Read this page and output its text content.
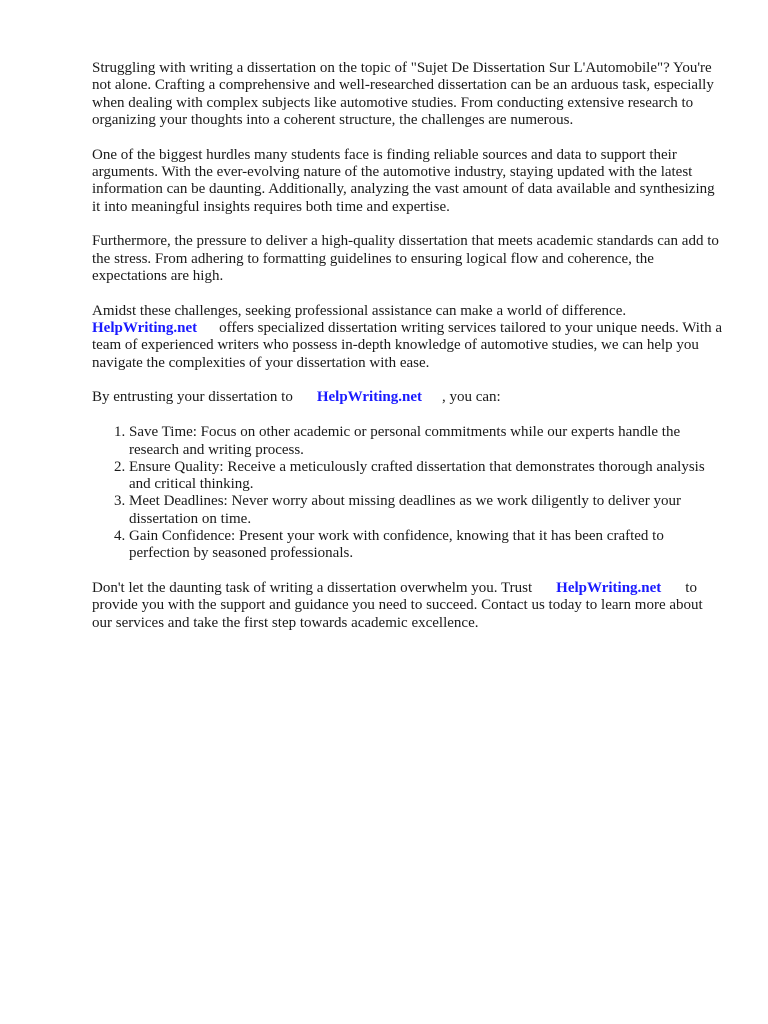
Struggling with writing a dissertation on the topic of "Sujet De Dissertation Sur L'Automobile"? You're not alone. Crafting a comprehensive and well-researched dissertation can be an arduous task, especially when dealing with complex subjects like automotive studies. From conducting extensive research to organizing your thoughts into a coherent structure, the challenges are numerous.

One of the biggest hurdles many students face is finding reliable sources and data to support their arguments. With the ever-evolving nature of the automotive industry, staying updated with the latest information can be daunting. Additionally, analyzing the vast amount of data available and synthesizing it into meaningful insights requires both time and expertise.

Furthermore, the pressure to deliver a high-quality dissertation that meets academic standards can add to the stress. From adhering to formatting guidelines to ensuring logical flow and coherence, the expectations are high.

Amidst these challenges, seeking professional assistance can make a world of difference.
HelpWriting.net offers specialized dissertation writing services tailored to your unique needs. With a team of experienced writers who possess in-depth knowledge of automotive studies, we can help you navigate the complexities of your dissertation with ease.

By entrusting your dissertation to HelpWriting.net , you can:

1. Save Time: Focus on other academic or personal commitments while our experts handle the research and writing process.
2. Ensure Quality: Receive a meticulously crafted dissertation that demonstrates thorough analysis and critical thinking.
3. Meet Deadlines: Never worry about missing deadlines as we work diligently to deliver your dissertation on time.
4. Gain Confidence: Present your work with confidence, knowing that it has been crafted to perfection by seasoned professionals.

Don't let the daunting task of writing a dissertation overwhelm you. Trust HelpWriting.net to provide you with the support and guidance you need to succeed. Contact us today to learn more about our services and take the first step towards academic excellence.
